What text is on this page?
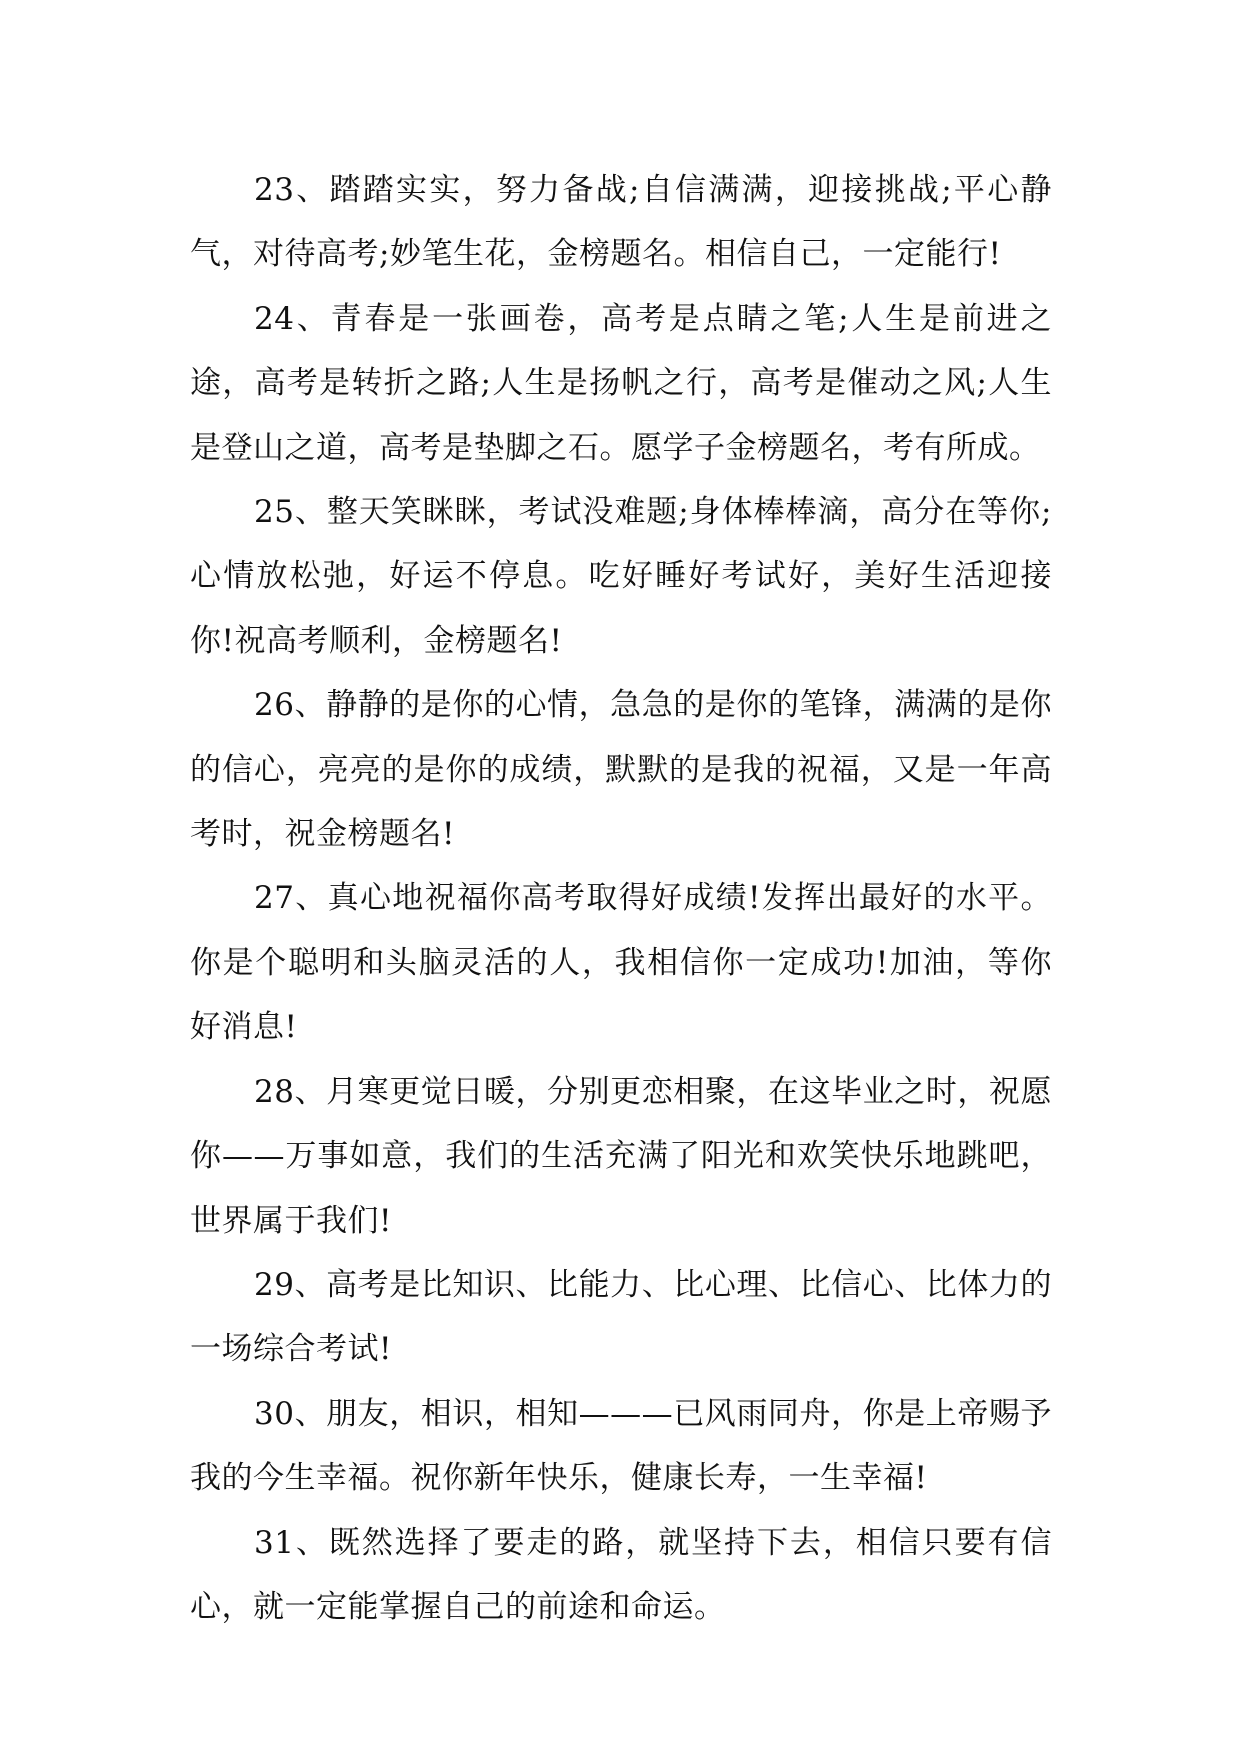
23、踏踏实实，努力备战;自信满满，迎接挑战;平心静气，对待高考;妙笔生花，金榜题名。相信自己，一定能行!

24、青春是一张画卷，高考是点睛之笔;人生是前进之途，高考是转折之路;人生是扬帆之行，高考是催动之风;人生是登山之道，高考是垫脚之石。愿学子金榜题名，考有所成。

25、整天笑眯眯，考试没难题;身体棒棒滴，高分在等你;心情放松弛，好运不停息。吃好睡好考试好，美好生活迎接你!祝高考顺利，金榜题名!

26、静静的是你的心情，急急的是你的笔锋，满满的是你的信心，亮亮的是你的成绩，默默的是我的祝福，又是一年高考时，祝金榜题名!

27、真心地祝福你高考取得好成绩!发挥出最好的水平。你是个聪明和头脑灵活的人，我相信你一定成功!加油，等你好消息!

28、月寒更觉日暖，分别更恋相聚，在这毕业之时，祝愿你——万事如意，我们的生活充满了阳光和欢笑快乐地跳吧，世界属于我们!

29、高考是比知识、比能力、比心理、比信心、比体力的一场综合考试!

30、朋友，相识，相知———已风雨同舟，你是上帝赐予我的今生幸福。祝你新年快乐，健康长寿，一生幸福!

31、既然选择了要走的路，就坚持下去，相信只要有信心，就一定能掌握自己的前途和命运。
